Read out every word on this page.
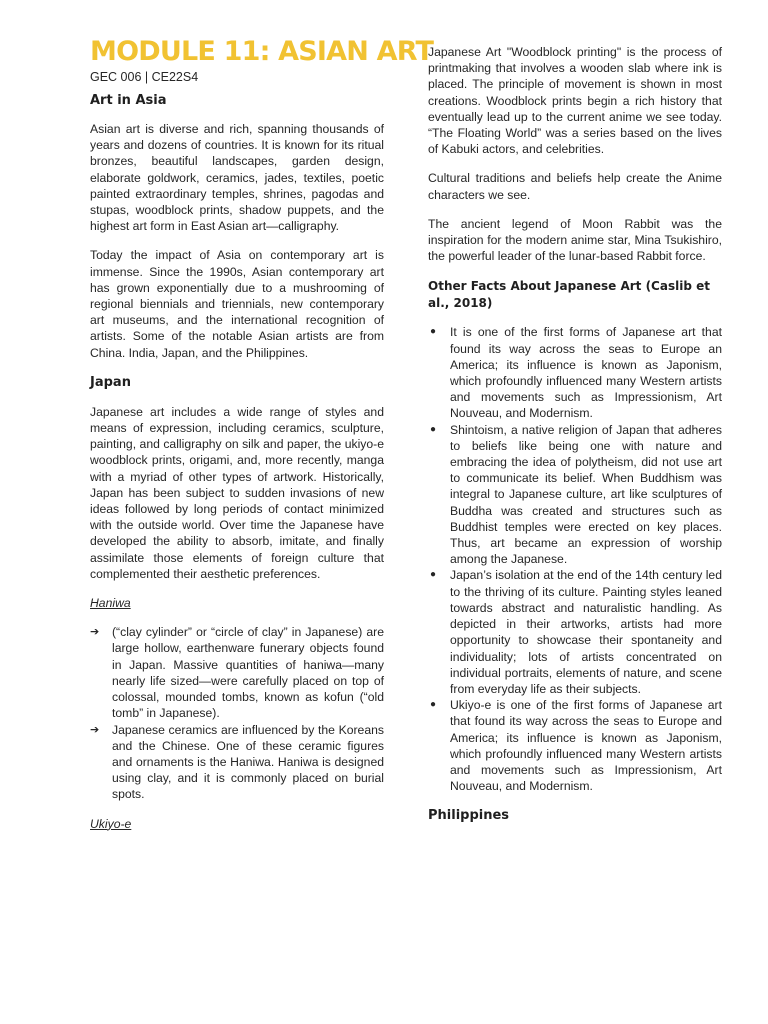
MODULE 11: ASIAN ART
GEC 006 | CE22S4
Art in Asia

Asian art is diverse and rich, spanning thousands of years and dozens of countries. It is known for its ritual bronzes, beautiful landscapes, garden design, elaborate goldwork, ceramics, jades, textiles, poetic painted extraordinary temples, shrines, pagodas and stupas, woodblock prints, shadow puppets, and the highest art form in East Asian art—calligraphy.

Today the impact of Asia on contemporary art is immense. Since the 1990s, Asian contemporary art has grown exponentially due to a mushrooming of regional biennials and triennials, new contemporary art museums, and the international recognition of artists. Some of the notable Asian artists are from China. India, Japan, and the Philippines.

Japan

Japanese art includes a wide range of styles and means of expression, including ceramics, sculpture, painting, and calligraphy on silk and paper, the ukiyo-e woodblock prints, origami, and, more recently, manga with a myriad of other types of artwork. Historically, Japan has been subject to sudden invasions of new ideas followed by long periods of contact minimized with the outside world. Over time the Japanese have developed the ability to absorb, imitate, and finally assimilate those elements of foreign culture that complemented their aesthetic preferences.

Haniwa
➔ (“clay cylinder” or “circle of clay” in Japanese) are large hollow, earthenware funerary objects found in Japan. Massive quantities of haniwa—many nearly life sized—were carefully placed on top of colossal, mounded tombs, known as kofun (“old tomb” in Japanese).
➔ Japanese ceramics are influenced by the Koreans and the Chinese. One of these ceramic figures and ornaments is the Haniwa. Haniwa is designed using clay, and it is commonly placed on burial spots.
Ukiyo-e

Japanese Art "Woodblock printing" is the process of printmaking that involves a wooden slab where ink is placed. The principle of movement is shown in most creations. Woodblock prints begin a rich history that eventually lead up to the current anime we see today. “The Floating World” was a series based on the lives of Kabuki actors, and celebrities.

Cultural traditions and beliefs help create the Anime characters we see.

The ancient legend of Moon Rabbit was the inspiration for the modern anime star, Mina Tsukishiro, the powerful leader of the lunar-based Rabbit force.

Other Facts About Japanese Art (Caslib et al., 2018)
● It is one of the first forms of Japanese art that found its way across the seas to Europe an America; its influence is known as Japonism, which profoundly influenced many Western artists and movements such as Impressionism, Art Nouveau, and Modernism.
● Shintoism, a native religion of Japan that adheres to beliefs like being one with nature and embracing the idea of polytheism, did not use art to communicate its belief. When Buddhism was integral to Japanese culture, art like sculptures of Buddha was created and structures such as Buddhist temples were erected on key places. Thus, art became an expression of worship among the Japanese.
● Japan’s isolation at the end of the 14th century led to the thriving of its culture. Painting styles leaned towards abstract and naturalistic handling. As depicted in their artworks, artists had more opportunity to showcase their spontaneity and individuality; lots of artists concentrated on individual portraits, elements of nature, and scene from everyday life as their subjects.
● Ukiyo-e is one of the first forms of Japanese art that found its way across the seas to Europe and America; its influence is known as Japonism, which profoundly influenced many Western artists and movements such as Impressionism, Art Nouveau, and Modernism.
Philippines
